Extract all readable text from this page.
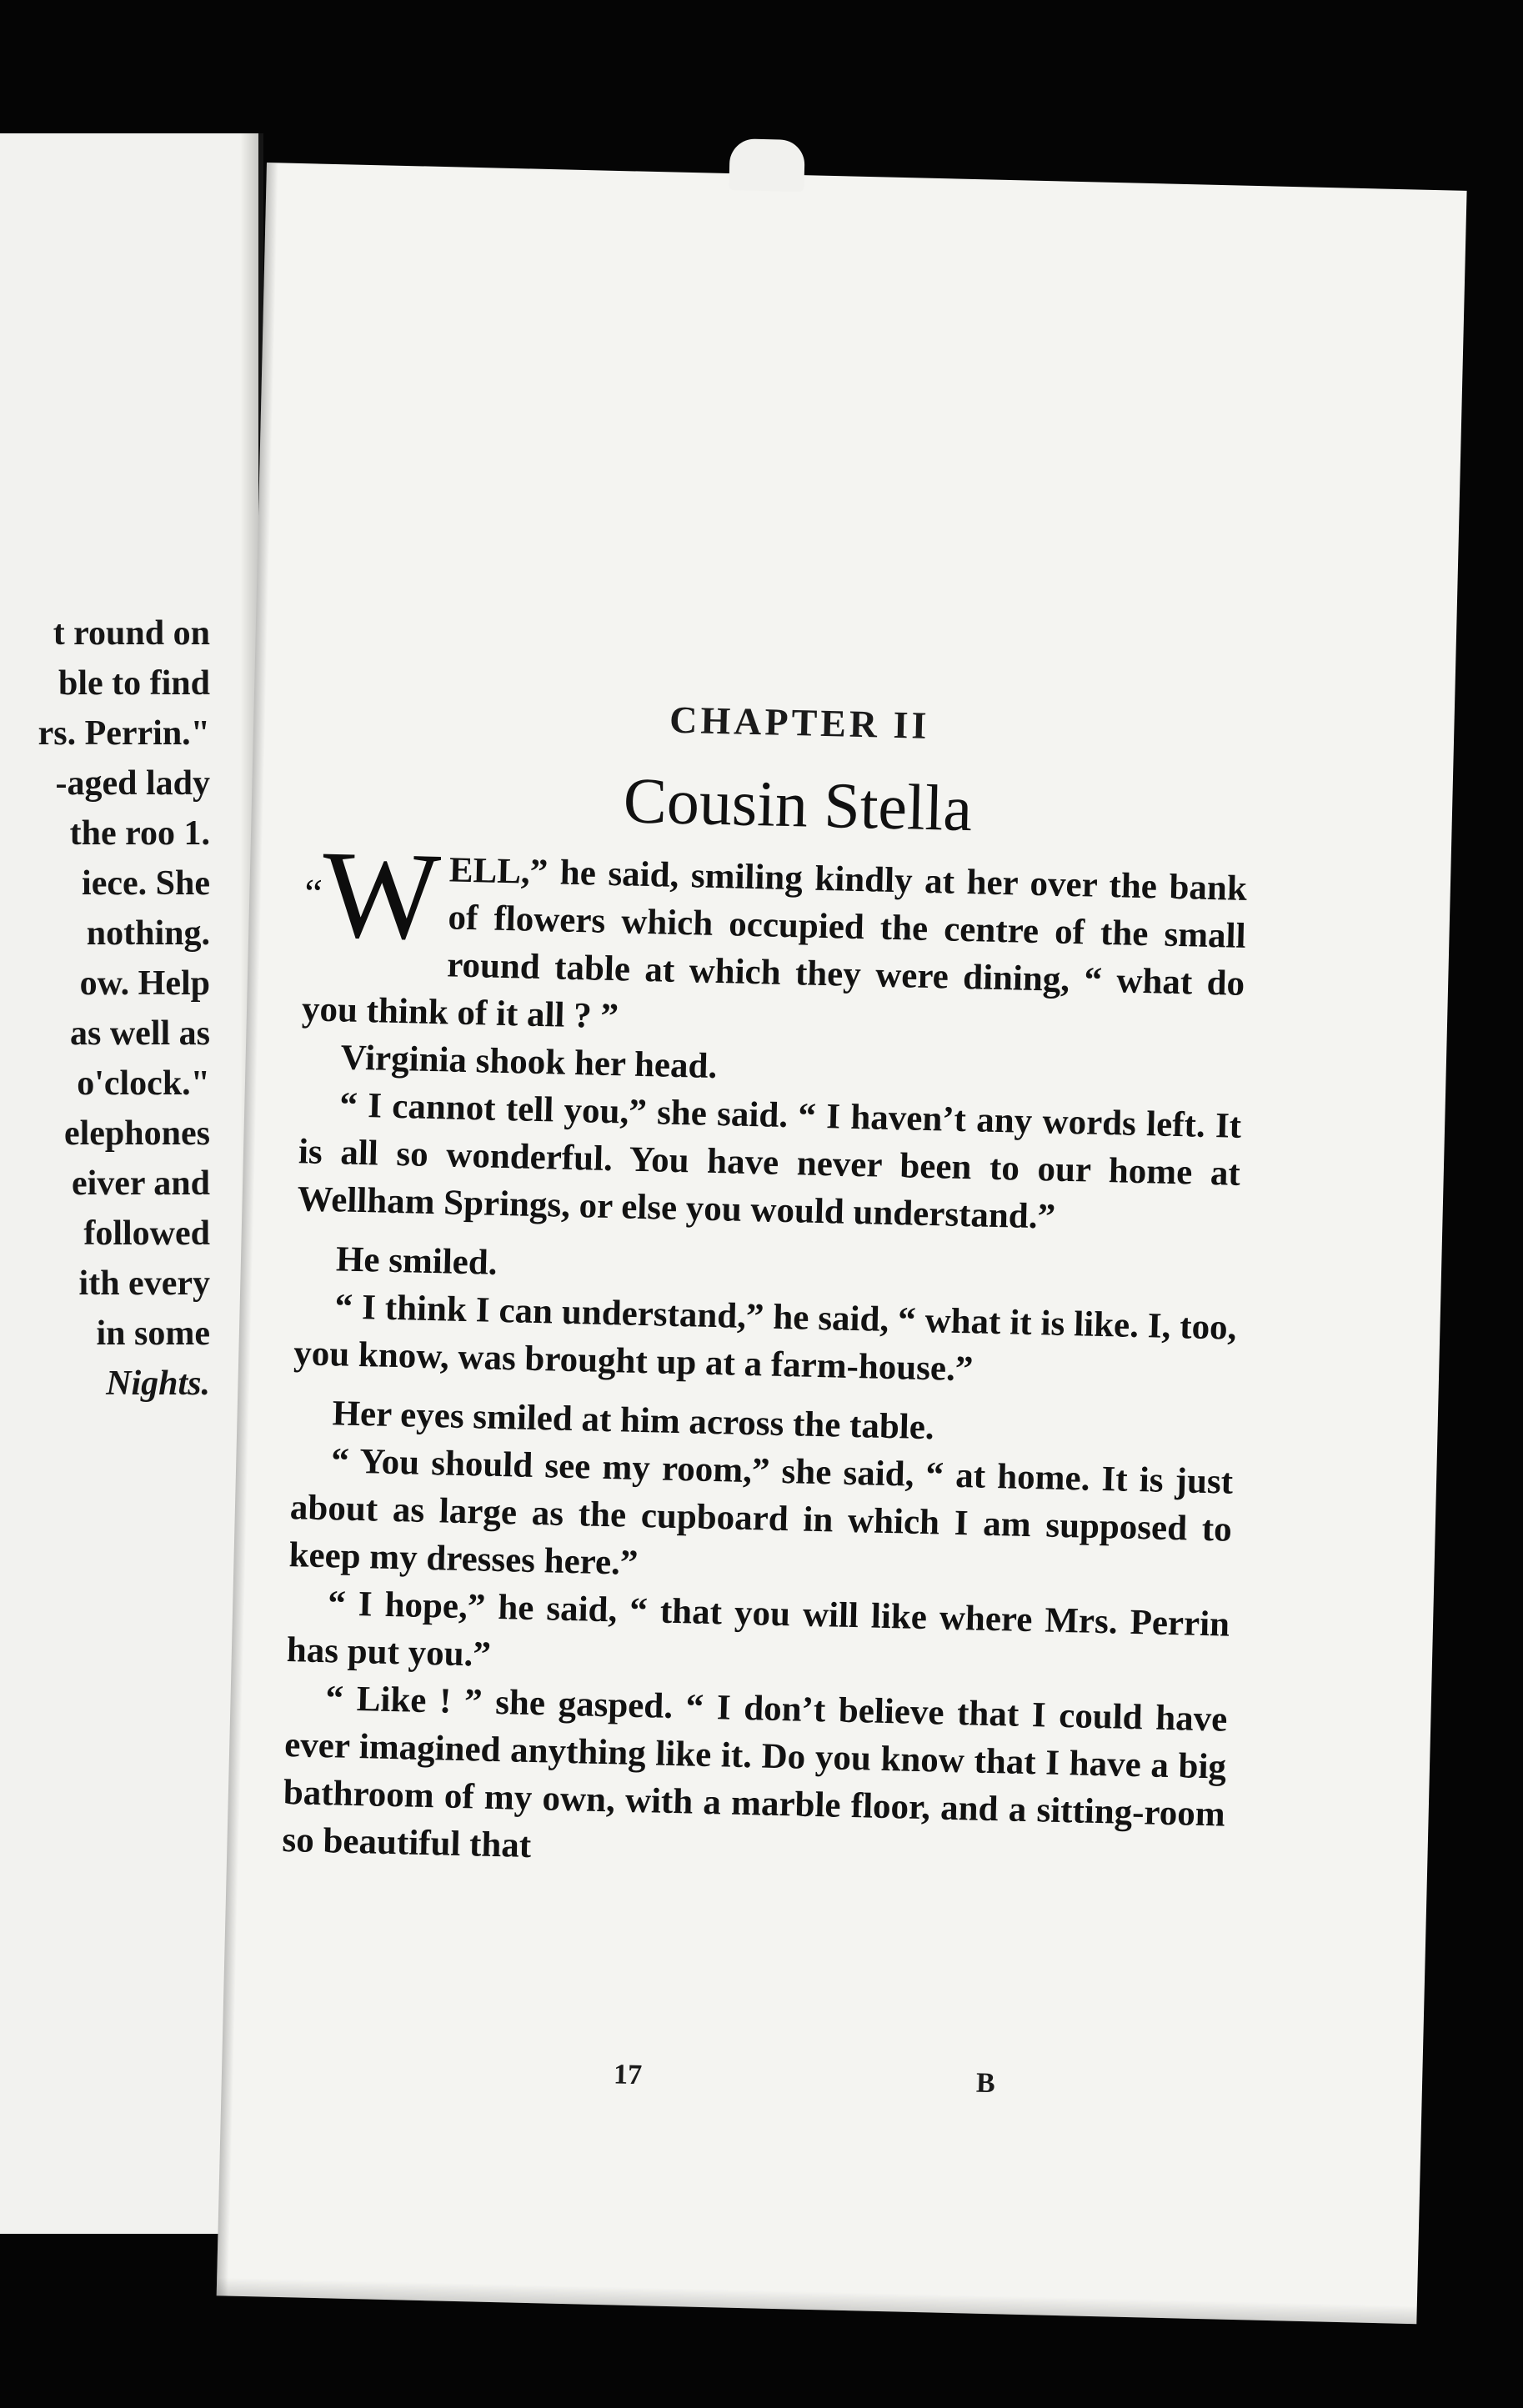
t round on
ble to find
rs. Perrin."
-aged lady
the roo 1.
iece. She
nothing.
ow. Help
as well as
o'clock."
elephones
eiver and
followed
ith every
in some
Nights.
CHAPTER II
Cousin Stella

“W ELL,” he said, smiling kindly at her over the bank of flowers which occupied the centre of the small round table at which they were dining, “ what do you think of it all ? ”

Virginia shook her head.

“ I cannot tell you,” she said. “ I haven’t any words left. It is all so wonderful. You have never been to our home at Wellham Springs, or else you would understand.”

He smiled.

“ I think I can understand,” he said, “ what it is like. I, too, you know, was brought up at a farm-house.”

Her eyes smiled at him across the table.

“ You should see my room,” she said, “ at home. It is just about as large as the cupboard in which I am supposed to keep my dresses here.”

“ I hope,” he said, “ that you will like where Mrs. Perrin has put you.”

“ Like ! ” she gasped. “ I don’t believe that I could have ever imagined anything like it. Do you know that I have a big bathroom of my own, with a marble floor, and a sitting-room so beautiful that

17	B
